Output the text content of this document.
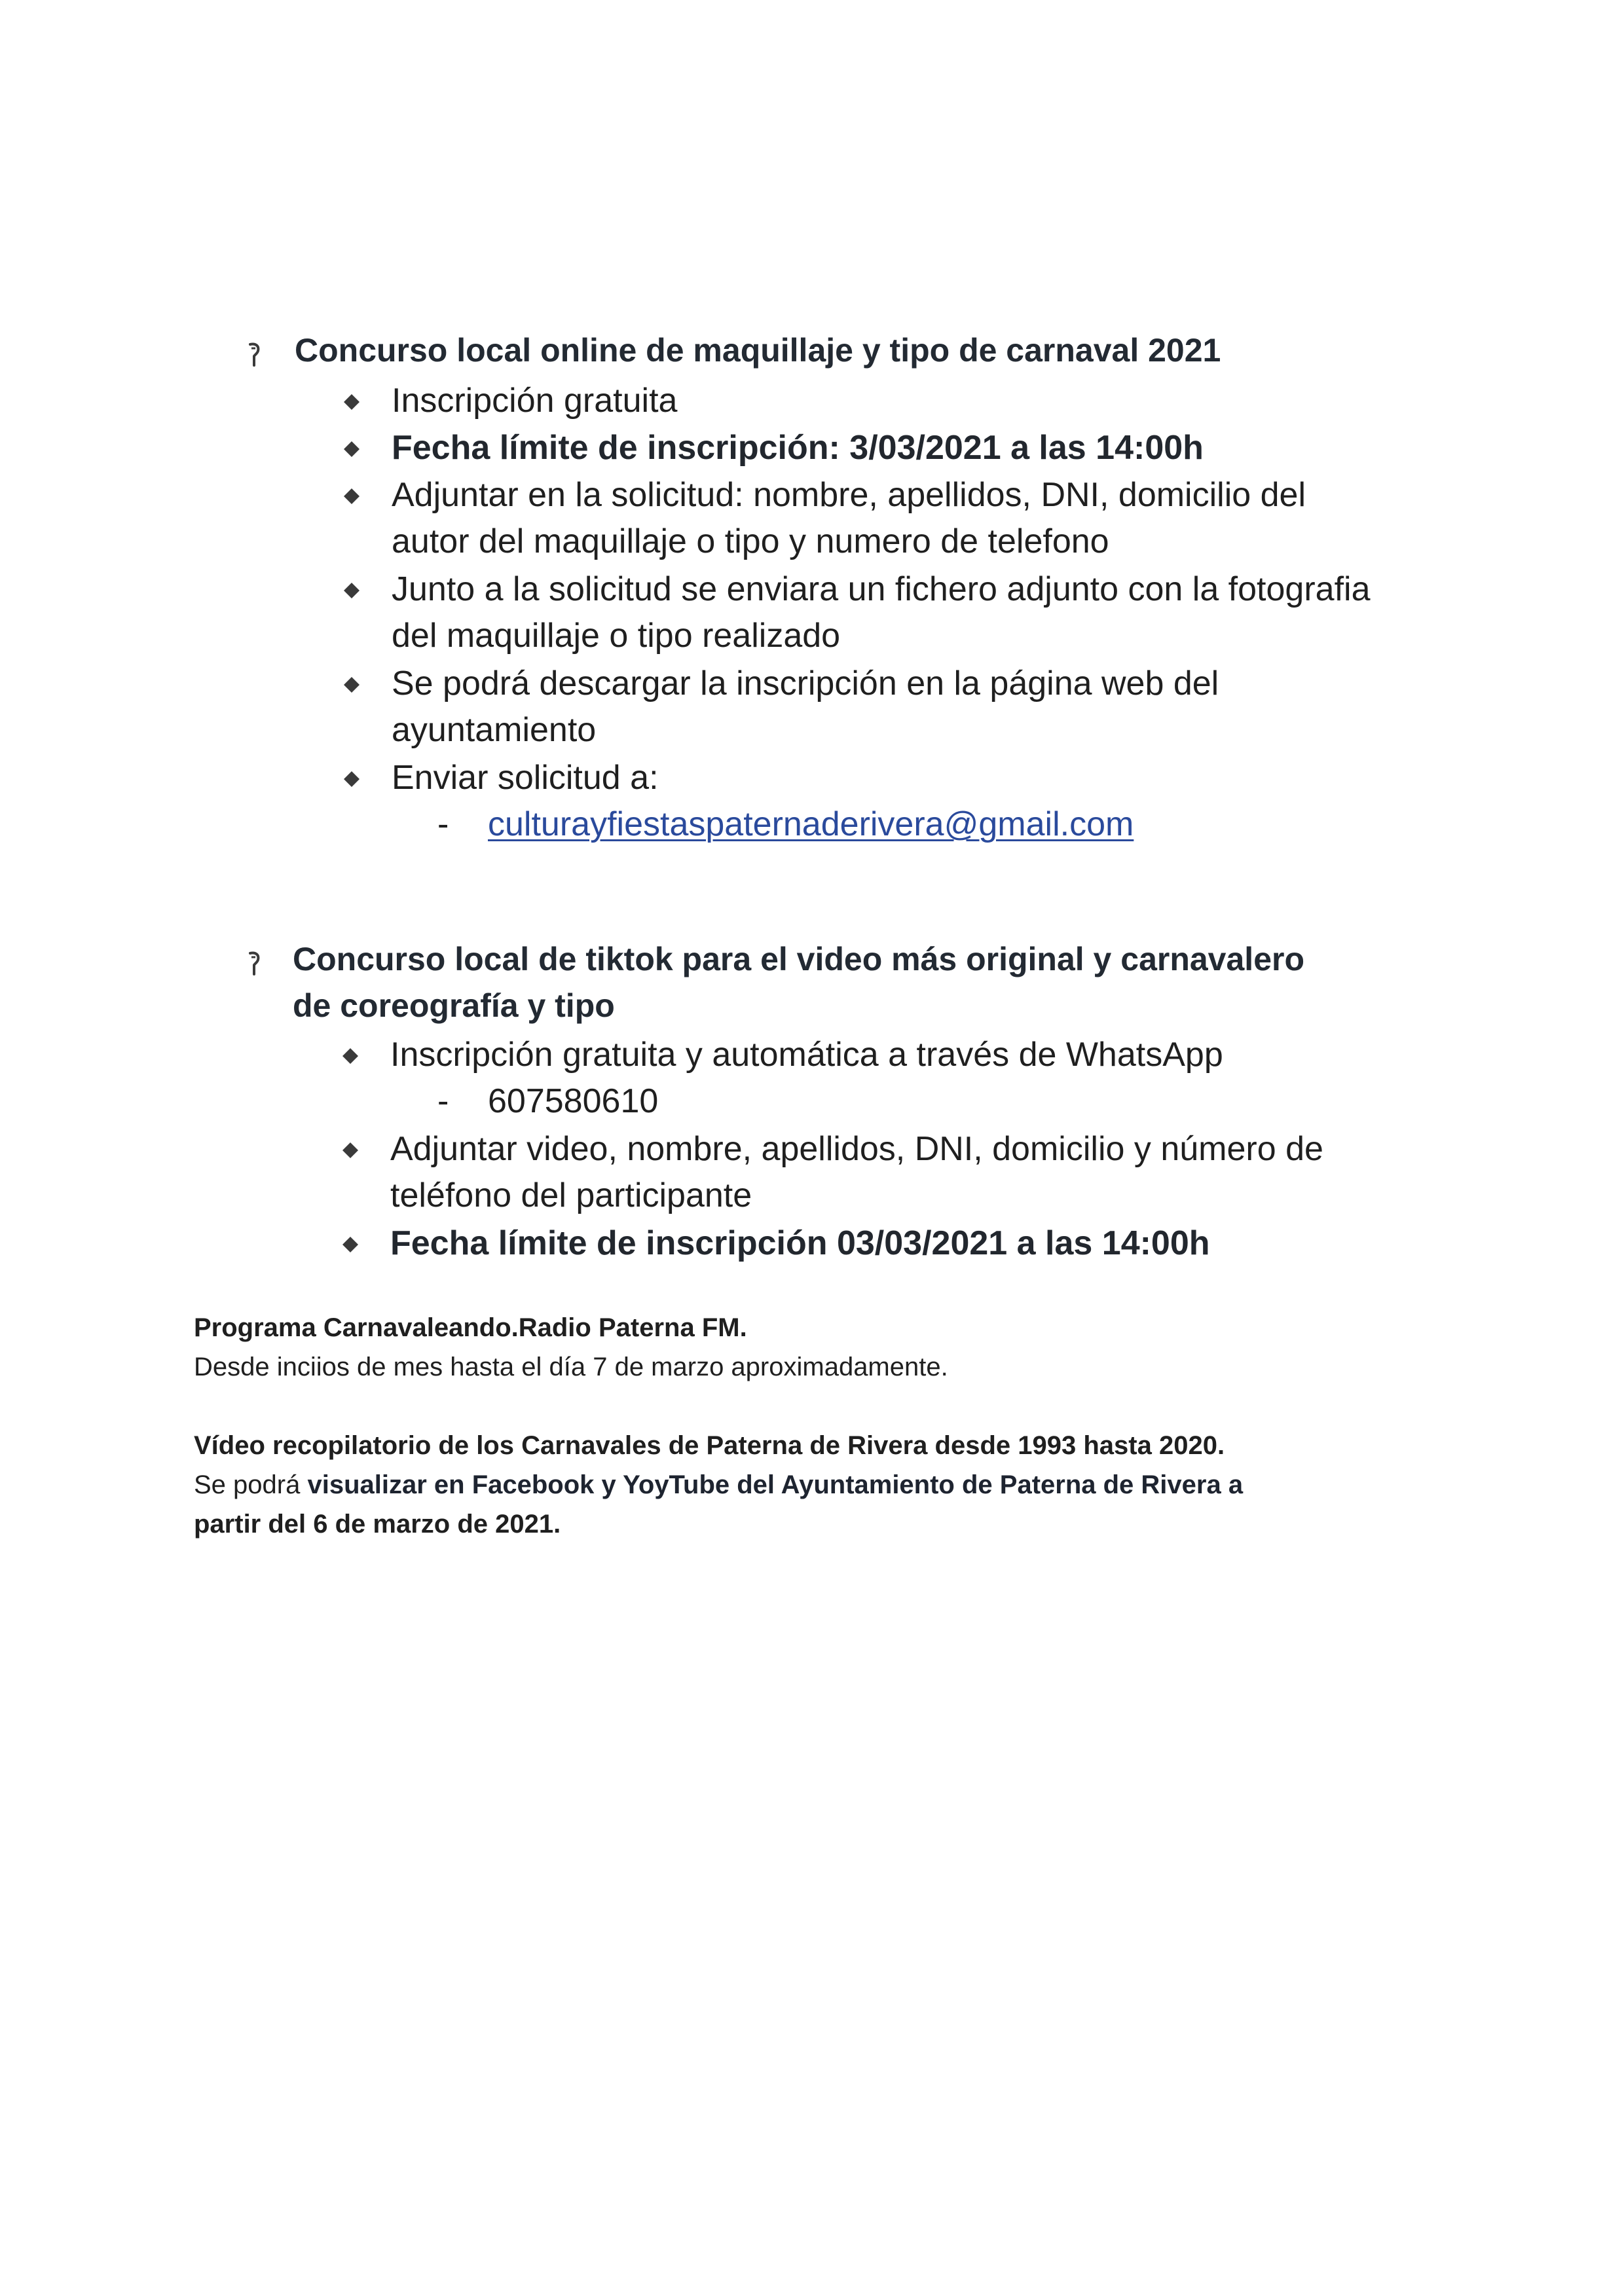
Concurso local online de maquillaje y tipo de carnaval 2021
Inscripción gratuita
Fecha límite de inscripción: 3/03/2021 a las 14:00h
Adjuntar en la solicitud: nombre, apellidos, DNI, domicilio del
autor del maquillaje o tipo y numero de telefono
Junto a la solicitud se enviara un fichero adjunto con la fotografia
del maquillaje o tipo realizado
Se podrá descargar la inscripción en la página web del
ayuntamiento
Enviar solicitud a:
- culturayfiestaspaternaderivera@gmail.com
Concurso local de tiktok para el video más original y carnavalero
de coreografía y tipo
Inscripción gratuita y automática a través de WhatsApp
- 607580610
Adjuntar video, nombre, apellidos, DNI, domicilio y número de
teléfono del participante
Fecha límite de inscripción 03/03/2021 a las 14:00h
Programa Carnavaleando.Radio Paterna FM.
Desde inciios de mes hasta el día 7 de marzo aproximadamente.
Vídeo recopilatorio de los Carnavales de Paterna de Rivera desde 1993 hasta 2020.
Se podrá visualizar en Facebook y YoyTube del Ayuntamiento de Paterna de Rivera a
partir del 6 de marzo de 2021.
